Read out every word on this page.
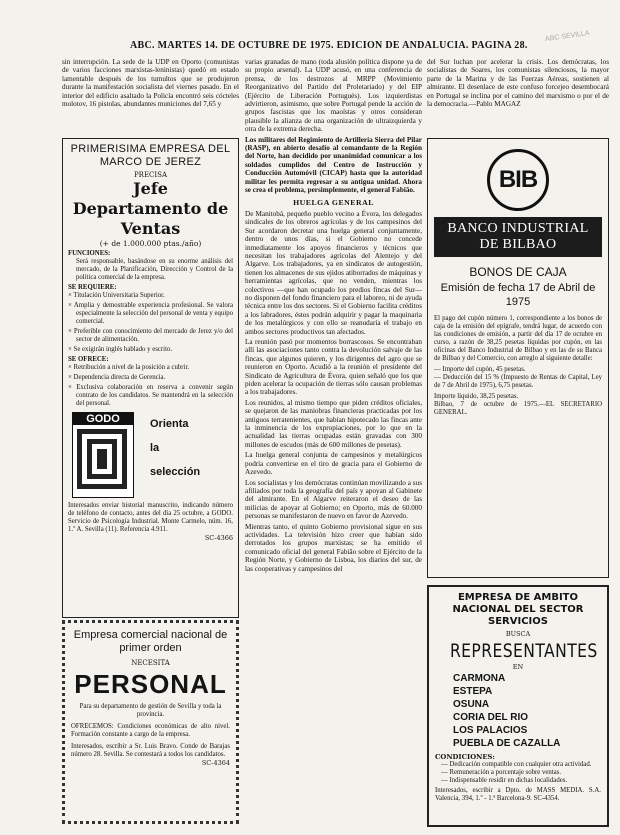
ABC. MARTES 14. DE OCTUBRE DE 1975. EDICION DE ANDALUCIA. PAGINA 28.
ABC SEVILLA

sin interrupción. La sede de la UDP en Oporto (comunistas de varios facciones marxistas-leninistas) quedó en estado lamentable después de los tumultos que se produjeron durante la manifestación socialista del viernes pasado. En el interior del edificio asaltado la Policía encontró seis cócteles molotov, 16 pistolas, abundantes municiones del 7,65 y

PRIMERISIMA EMPRESA DEL MARCO DE JEREZ
PRECISA
Jefe Departamento de Ventas
(+ de 1.000.000 ptas./año)
FUNCIONES:

Será responsable, basándose en su enorme análisis del mercado, de la Planificación, Dirección y Control de la política comercial de la empresa.

SE REQUIERE:
× Titulación Universitaria Superior.
× Amplia y demostrable experiencia profesional. Se valora especialmente la selección del personal de venta y equipo comercial.
× Preferible con conocimiento del mercado de Jerez y/o del sector de alimentación.
× Se exigirán inglés hablado y escrito.
SE OFRECE:
× Retribución a nivel de la posición a cubrir.
× Dependencia directa de Gerencia.
× Exclusiva colaboración en reserva a convenir según contrato de los candidatos. Se mantendrá en la selección del personal.
GODO	Orienta
la
selección

Interesados enviar historial manuscrito, indicando número de teléfono de contacto, antes del día 25 octubre, a GODO. Servicio de Psicología Industrial. Monte Carmelo, núm. 16, 1.º A. Sevilla (11). Referencia 4.911.

SC-4366
Empresa comercial nacional de primer orden
NECESITA
PERSONAL

Para su departamento de gestión de Sevilla y toda la provincia.

OFRECEMOS: Condiciones económicas de alto nivel. Formación constante a cargo de la empresa.

Interesados, escribir a Sr. Luis Bravo. Conde de Barajas número 28. Sevilla. Se contestará a todos los candidatos.

SC-4364

varias granadas de mano (toda alusión política dispone ya de su propio arsenal). La UDP acusó, en una conferencia de prensa, de los destrozos al MRPP (Movimiento Reorganizativo del Partido del Proletariado) y del EIP (Ejército de Liberación Portugués). Los izquierdistas advirtieron, asimismo, que sobre Portugal pende la acción de grupos fascistas que los maoístas y otros consideran plausible la alianza de una organización de ultraizquierda y otra de la extrema derecha.

Los militares del Regimiento de Artillería Sierra del Pilar (RASP), en abierto desafío al comandante de la Región del Norte, han decidido por unanimidad comunicar a los soldados cumplidos del Centro de Instrucción y Conducción Automóvil (CICAP) hasta que la autoridad militar les permita regresar a su antigua unidad. Ahora se crea el problema, persimplemente, el general Fabião.

HUELGA GENERAL

De Manitobá, pequeño pueblo vecino a Évora, los delegados sindicales de los obreros agrícolas y de los campesinos del Sur acordaron decretar una huelga general conjuntamente, dentro de unos días, si el Gobierno no concede inmediatamente los apoyos financieros y técnicos que necesitan los trabajadores agrícolas del Alentejo y del Algarve. Los trabajadores, ya en sindicatos de autogestión, tienen los almacenes de sus ejidos atiborrados de máquinas y herramientas agrícolas, que no venden, mientras los colectivos —que han ocupado los predios fincas del Sur— no disponen del fondo financiero para el laboreo, ni de ayuda técnica entre los dos sectores. Si el Gobierno facilita créditos a los labradores, éstos podrán adquirir y pagar la maquinaria de los metalúrgicos y con ello se reanudaría el trabajo en ambos sectores productivos tan afectados.

La reunión pasó por momentos borrascosos. Se encontraban allí las asociaciones tanto contra la devolución salvaje de las fincas, que algunos quieren, y los dirigentes del agro que se reunieron en Oporto. Acudió a la reunión el presidente del Sindicato de Agricultura de Évora, quien señaló que los que piden acelerar la ocupación de tierras sólo causan problemas a los trabajadores.

Los reunidos, al mismo tiempo que piden créditos oficiales, se quejaron de las maniobras financieras practicadas por los antiguos terratenientes, que habían hipotecado las fincas ante la inminencia de los expropiaciones, por lo que en la actualidad las tierras ocupadas están gravadas con 300 millones de escudos (más de 600 millones de pesetas).

La huelga general conjunta de campesinos y metalúrgicos podría convertirse en el tiro de gracia para el Gobierno de Azevedo.

Los socialistas y los demócratas continúan movilizando a sus afiliados por toda la geografía del país y apoyan al Gabinete del almirante. En el Algarve reiteraron el deseo de las milicias de apoyar al Gobierno; en Oporto, más de 60.000 personas se manifestaron de nuevo en favor de Azevedo.

Mientras tanto, el quinto Gobierno provisional sigue en sus actividades. La televisión hizo creer que habían sido derrotados los grupos marxistas; se ha emitido el comunicado oficial del general Fabião sobre el Ejército de la Región Norte, y Gobierno de Lisboa, los diarios del sur, de las cooperativas y campesinos del

del Sur luchan por acelerar la crisis. Los demócratas, los socialistas de Soares, los comunistas silenciosos, la mayor parte de la Marina y de las Fuerzas Aéreas, sostienen al almirante. El desenlace de este confuso forcejeo desembocará en Portugal se inclina por el camino del marxismo o por el de la democracia.—Pablo MAGAZ

BIB
BANCO INDUSTRIAL DE BILBAO
BONOS DE CAJA
Emisión de fecha 17 de Abril de 1975

El pago del cupón número 1, correspondiente a los bonos de caja de la emisión del epígrafe, tendrá lugar, de acuerdo con las condiciones de emisión, a partir del día 17 de octubre en curso, a razón de 38,25 pesetas líquidas por cupón, en las oficinas del Banco Industrial de Bilbao y en las de su Banca de Bilbao y del Comercio, con arreglo al siguiente detalle:

— Importe del cupón, 45 pesetas.
— Deducción del 15 % (Impuesto de Rentas de Capital, Ley de 7 de Abril de 1975), 6,75 pesetas.
Importe líquido, 38,25 pesetas.
Bilbao, 7 de octubre de 1975.—EL SECRETARIO GENERAL.
EMPRESA DE AMBITO NACIONAL DEL SECTOR SERVICIOS
BUSCA
REPRESENTANTES
EN
CARMONA
ESTEPA
OSUNA
CORIA DEL RIO
LOS PALACIOS
PUEBLA DE CAZALLA
CONDICIONES:
— Dedicación compatible con cualquier otra actividad.
— Remuneración a porcentaje sobre ventas.
— Indispensable residir en dichas localidades.
Interesados, escribir a Dpto. de MASS MEDIA. S.A. Valencia, 394, 1.º - 1.ª Barcelona-9. SC-4354.
